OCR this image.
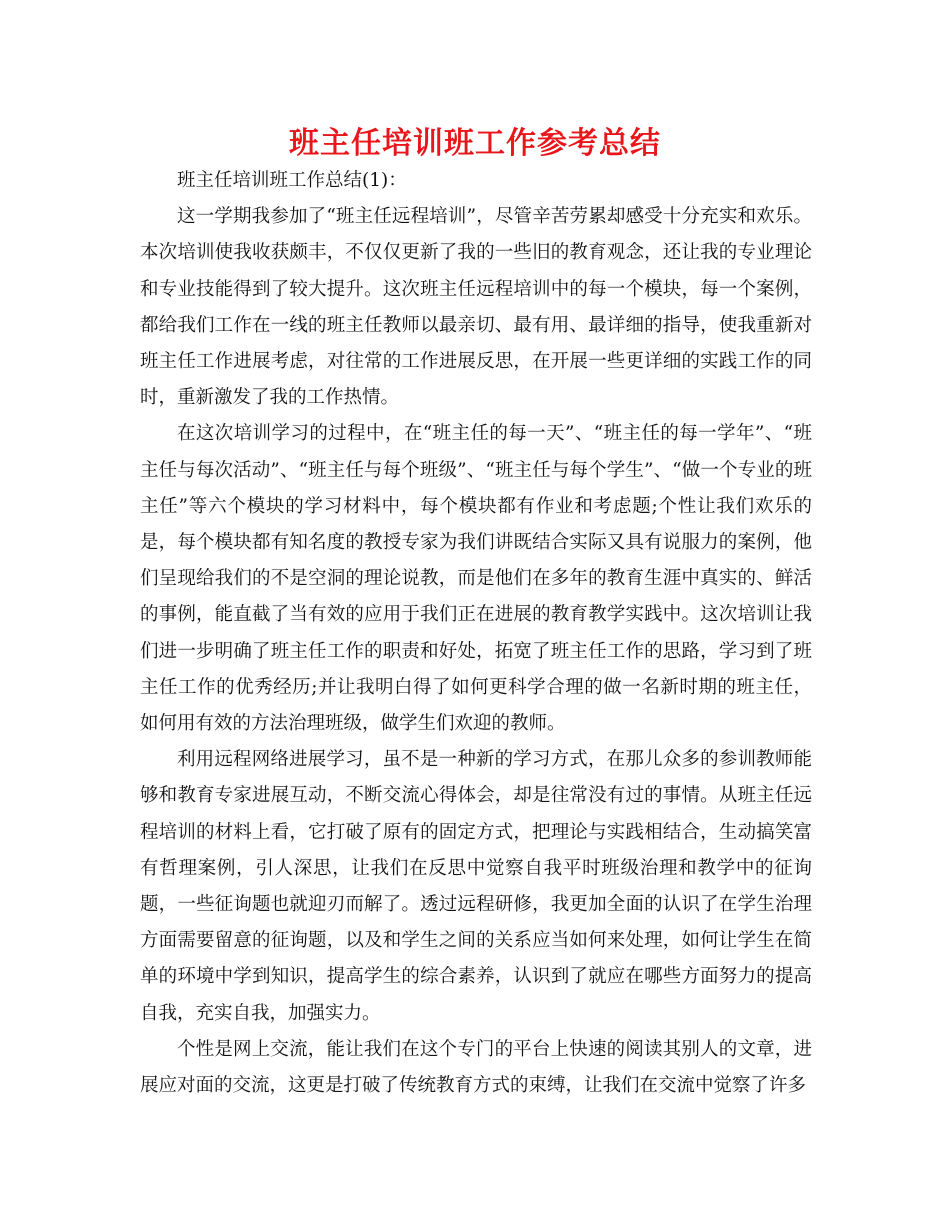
班主任培训班工作参考总结

班主任培训班工作总结(1)：

这一学期我参加了“班主任远程培训”，尽管辛苦劳累却感受十分充实和欢乐。本次培训使我收获颇丰，不仅仅更新了我的一些旧的教育观念，还让我的专业理论和专业技能得到了较大提升。这次班主任远程培训中的每一个模块，每一个案例，都给我们工作在一线的班主任教师以最亲切、最有用、最详细的指导，使我重新对班主任工作进展考虑，对往常的工作进展反思，在开展一些更详细的实践工作的同时，重新激发了我的工作热情。

在这次培训学习的过程中，在“班主任的每一天”、“班主任的每一学年”、“班主任与每次活动”、“班主任与每个班级”、“班主任与每个学生”、“做一个专业的班主任”等六个模块的学习材料中，每个模块都有作业和考虑题;个性让我们欢乐的是，每个模块都有知名度的教授专家为我们讲既结合实际又具有说服力的案例，他们呈现给我们的不是空洞的理论说教，而是他们在多年的教育生涯中真实的、鲜活的事例，能直截了当有效的应用于我们正在进展的教育教学实践中。这次培训让我们进一步明确了班主任工作的职责和好处，拓宽了班主任工作的思路，学习到了班主任工作的优秀经历;并让我明白得了如何更科学合理的做一名新时期的班主任，如何用有效的方法治理班级，做学生们欢迎的教师。

利用远程网络进展学习，虽不是一种新的学习方式，在那儿众多的参训教师能够和教育专家进展互动，不断交流心得体会，却是往常没有过的事情。从班主任远程培训的材料上看，它打破了原有的固定方式，把理论与实践相结合，生动搞笑富有哲理案例，引人深思，让我们在反思中觉察自我平时班级治理和教学中的征询题，一些征询题也就迎刃而解了。透过远程研修，我更加全面的认识了在学生治理方面需要留意的征询题，以及和学生之间的关系应当如何来处理，如何让学生在简单的环境中学到知识，提高学生的综合素养，认识到了就应在哪些方面努力的提高自我，充实自我，加强实力。

个性是网上交流，能让我们在这个专门的平台上快速的阅读其别人的文章，进展应对面的交流，这更是打破了传统教育方式的束缚，让我们在交流中觉察了许多
